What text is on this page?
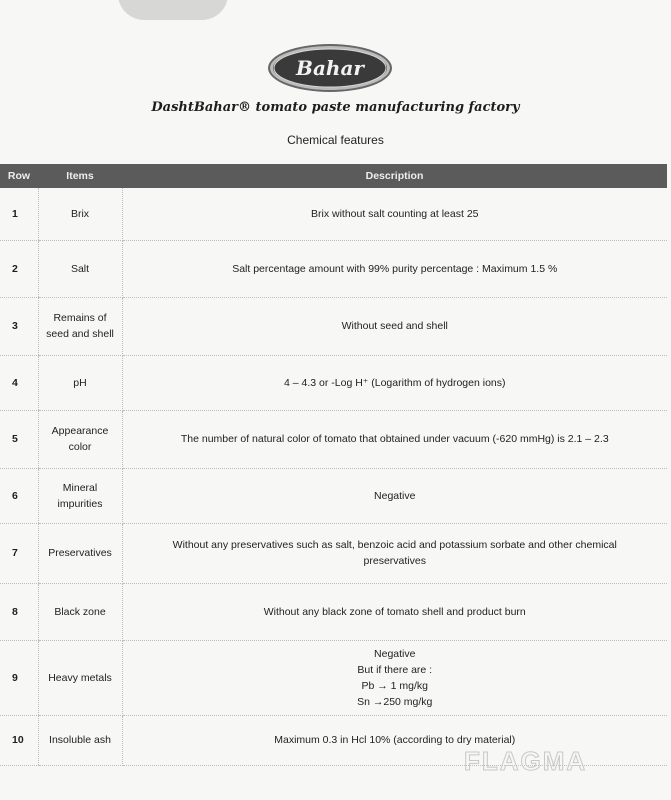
Bahar
DashtBahar® tomato paste manufacturing factory
Chemical features
Row	Items	Description
1	Brix	Brix without salt counting at least 25

2	Salt	Salt percentage amount with 99% purity percentage : Maximum 1.5 %

3	Remains of seed and shell	Without seed and shell

4	pH	4 – 4.3 or -Log H⁺ (Logarithm of hydrogen ions)

5	Appearance color	The number of natural color of tomato that obtained under vacuum (-620 mmHg) is 2.1 – 2.3

6	Mineral impurities	Negative

7	Preservatives	Without any preservatives such as salt, benzoic acid and potassium sorbate and other chemical
preservatives

8	Black zone	Without any black zone of tomato shell and product burn

9	Heavy metals	Negative
But if there are :
Pb → 1 mg/kg
Sn →250 mg/kg

10	Insoluble ash	Maximum 0.3 in Hcl 10% (according to dry material)
FLAGMA
